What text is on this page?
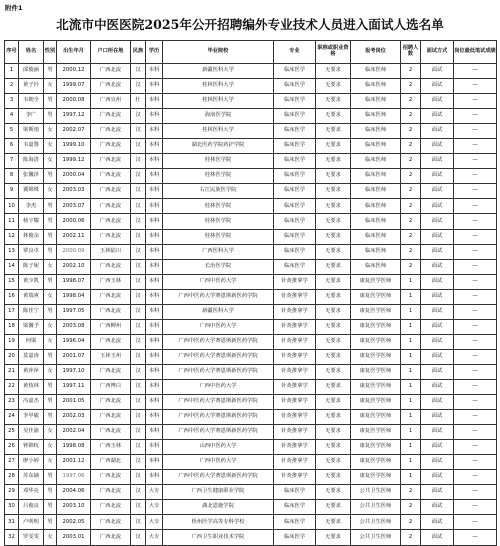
附件1
北流市中医医院2025年公开招聘编外专业技术人员进入面试人选名单
序号	姓名	性别	出生年月	户口所在地	民族	学历	毕业院校	专业	职称或职业资格	报考岗位	招聘人数	面试方式	岗位最低笔试成绩
1	邱俊涵	男	2000.12	广西北流	汉	本科	新疆医科大学	临床医学	无要求	临床医师	2	面试	—
2	黄子钤	女	1999.07	广西北流	汉	本科	桂林医科大学	临床医学	无要求	临床医师	2	面试	—
3	韦朝全	男	2000.08	广西宜州	壮	本科	桂林医科大学	临床医学	无要求	临床医师	2	面试	—
4	李广	男	1997.12	广西北流	汉	本科	海南医学院	临床医学	无要求	临床医师	2	面试	—
5	梁斯雨	女	2002.07	广西北流	汉	本科	桂林医科大学	临床医学	无要求	临床医师	2	面试	—
6	韦嘉譽	女	1999.10	广西北流	汉	本科	湖北医药学院药护学院	临床医学	无要求	临床医师	2	面试	—
7	陈海清	女	1999.12	广西北流	汉	本科	桂林医学院	临床医学	无要求	临床医师	2	面试	—
8	张馨泽	男	2000.04	广西北流	汉	本科	桂林医学院	临床医学	无要求	临床医师	2	面试	—
9	冀锦殊	女	2003.03	广西北流	汉	本科	右江民族医学院	临床医学	无要求	临床医师	2	面试	—
10	李杰	男	2003.07	广西北流	汉	本科	桂林医学院	临床医学	无要求	临床医师	2	面试	—
11	杨宇耀	男	2000.06	广西北流	汉	本科	桂林医学院	临床医学	无要求	临床医师	2	面试	—
12	林俊余	男	2002.11	广西北流	汉	本科	桂林医学院	临床医学	无要求	临床医师	2	面试	—
13	覃良卓	男	2000.09	玉林陆川	汉	本科	广西医科大学	临床医学	无要求	临床医师	2	面试	—
14	陈子妮	女	2002.10	广西北流	汉	本科	长治医学院	临床医学	无要求	临床医师	2	面试	—
15	黄少凯	男	1998.07	广西玉林	汉	本科	广西中医药大学	针灸推拿学	无要求	康复医学医师	1	面试	—
16	黄瑞爽	女	1998.04	广西北流	汉	本科	广西中医药大学赛恩斯新医药学院	针灸推拿学	无要求	康复医学医师	1	面试	—
17	陈佳宁	男	1997.05	广西北流	汉	本科	新疆医科大学	针灸推拿学	无要求	康复医学医师	1	面试	—
18	梁馨予	女	2003.08	广西柳州	汉	本科	广西中医药大学	针灸推拿学	无要求	康复医学医师	1	面试	—
19	何梁	女	1996.04	广西北流	汉	本科	广西中医药大学赛恩斯新医药学院	针灸推拿学	无要求	康复医学医师	1	面试	—
20	莫嘉涛	男	2001.07	玉林玉州	汉	本科	广西中医药大学赛恩斯新医药学院	针灸推拿学	无要求	康复医学医师	1	面试	—
21	黄萍萍	女	1997.10	广西北流	汉	本科	广西中医药大学赛恩斯新医药学院	针灸推拿学	无要求	康复医学医师	1	面试	—
22	黄枝林	男	1997.11	广西博白	汉	本科	广西中医药大学	针灸推拿学	无要求	康复医学医师	1	面试	—
23	冯嘉杰	男	2001.05	广西北流	汉	本科	广西中医药大学赛恩斯新医药学院	针灸推拿学	无要求	康复医学医师	1	面试	—
24	李甲敏	男	2002.03	广西北流	汉	本科	广西中医药大学赛恩斯新医药学院	针灸推拿学	无要求	康复医学医师	1	面试	—
25	吴佳渝	女	2002.04	广西北流	汉	本科	广西中医药大学赛恩斯新医药学院	针灸推拿学	无要求	康复医学医师	1	面试	—
26	钟锦杭	女	1998.08	广西玉林	汉	本科	山西中医药大学	针灸推拿学	无要求	康复医学医师	1	面试	—
27	廖小婷	女	2001.12	广西湖北	汉	本科	广西中医药大学	针灸推拿学	无要求	康复医学医师	1	面试	—
28	苏东铺	男	1997.06	广西北流	汉	本科	广西中医药大学赛恩斯新医药学院	针灸推拿学	无要求	康复医学医师	1	面试	—
29	邓华亮	男	2004.06	广西北流	汉	大专	广西卫生健康职业学院	临床医学	无要求	公共卫生医师	2	面试	—
30	吕俊良	男	2003.10	广西北流	汉	大专	湖北恩施学院	临床医学	无要求	公共卫生医师	2	面试	—
31	卢明明	男	2002.05	广西北流	汉	大专	梧州医学高等专科学校	临床医学	无要求	公共卫生医师	2	面试	—
32	罗雯雯	女	2003.01	广西北流	汉	大专	广西卫生职业技术学院	临床医学	无要求	公共卫生医师	2	面试	—
